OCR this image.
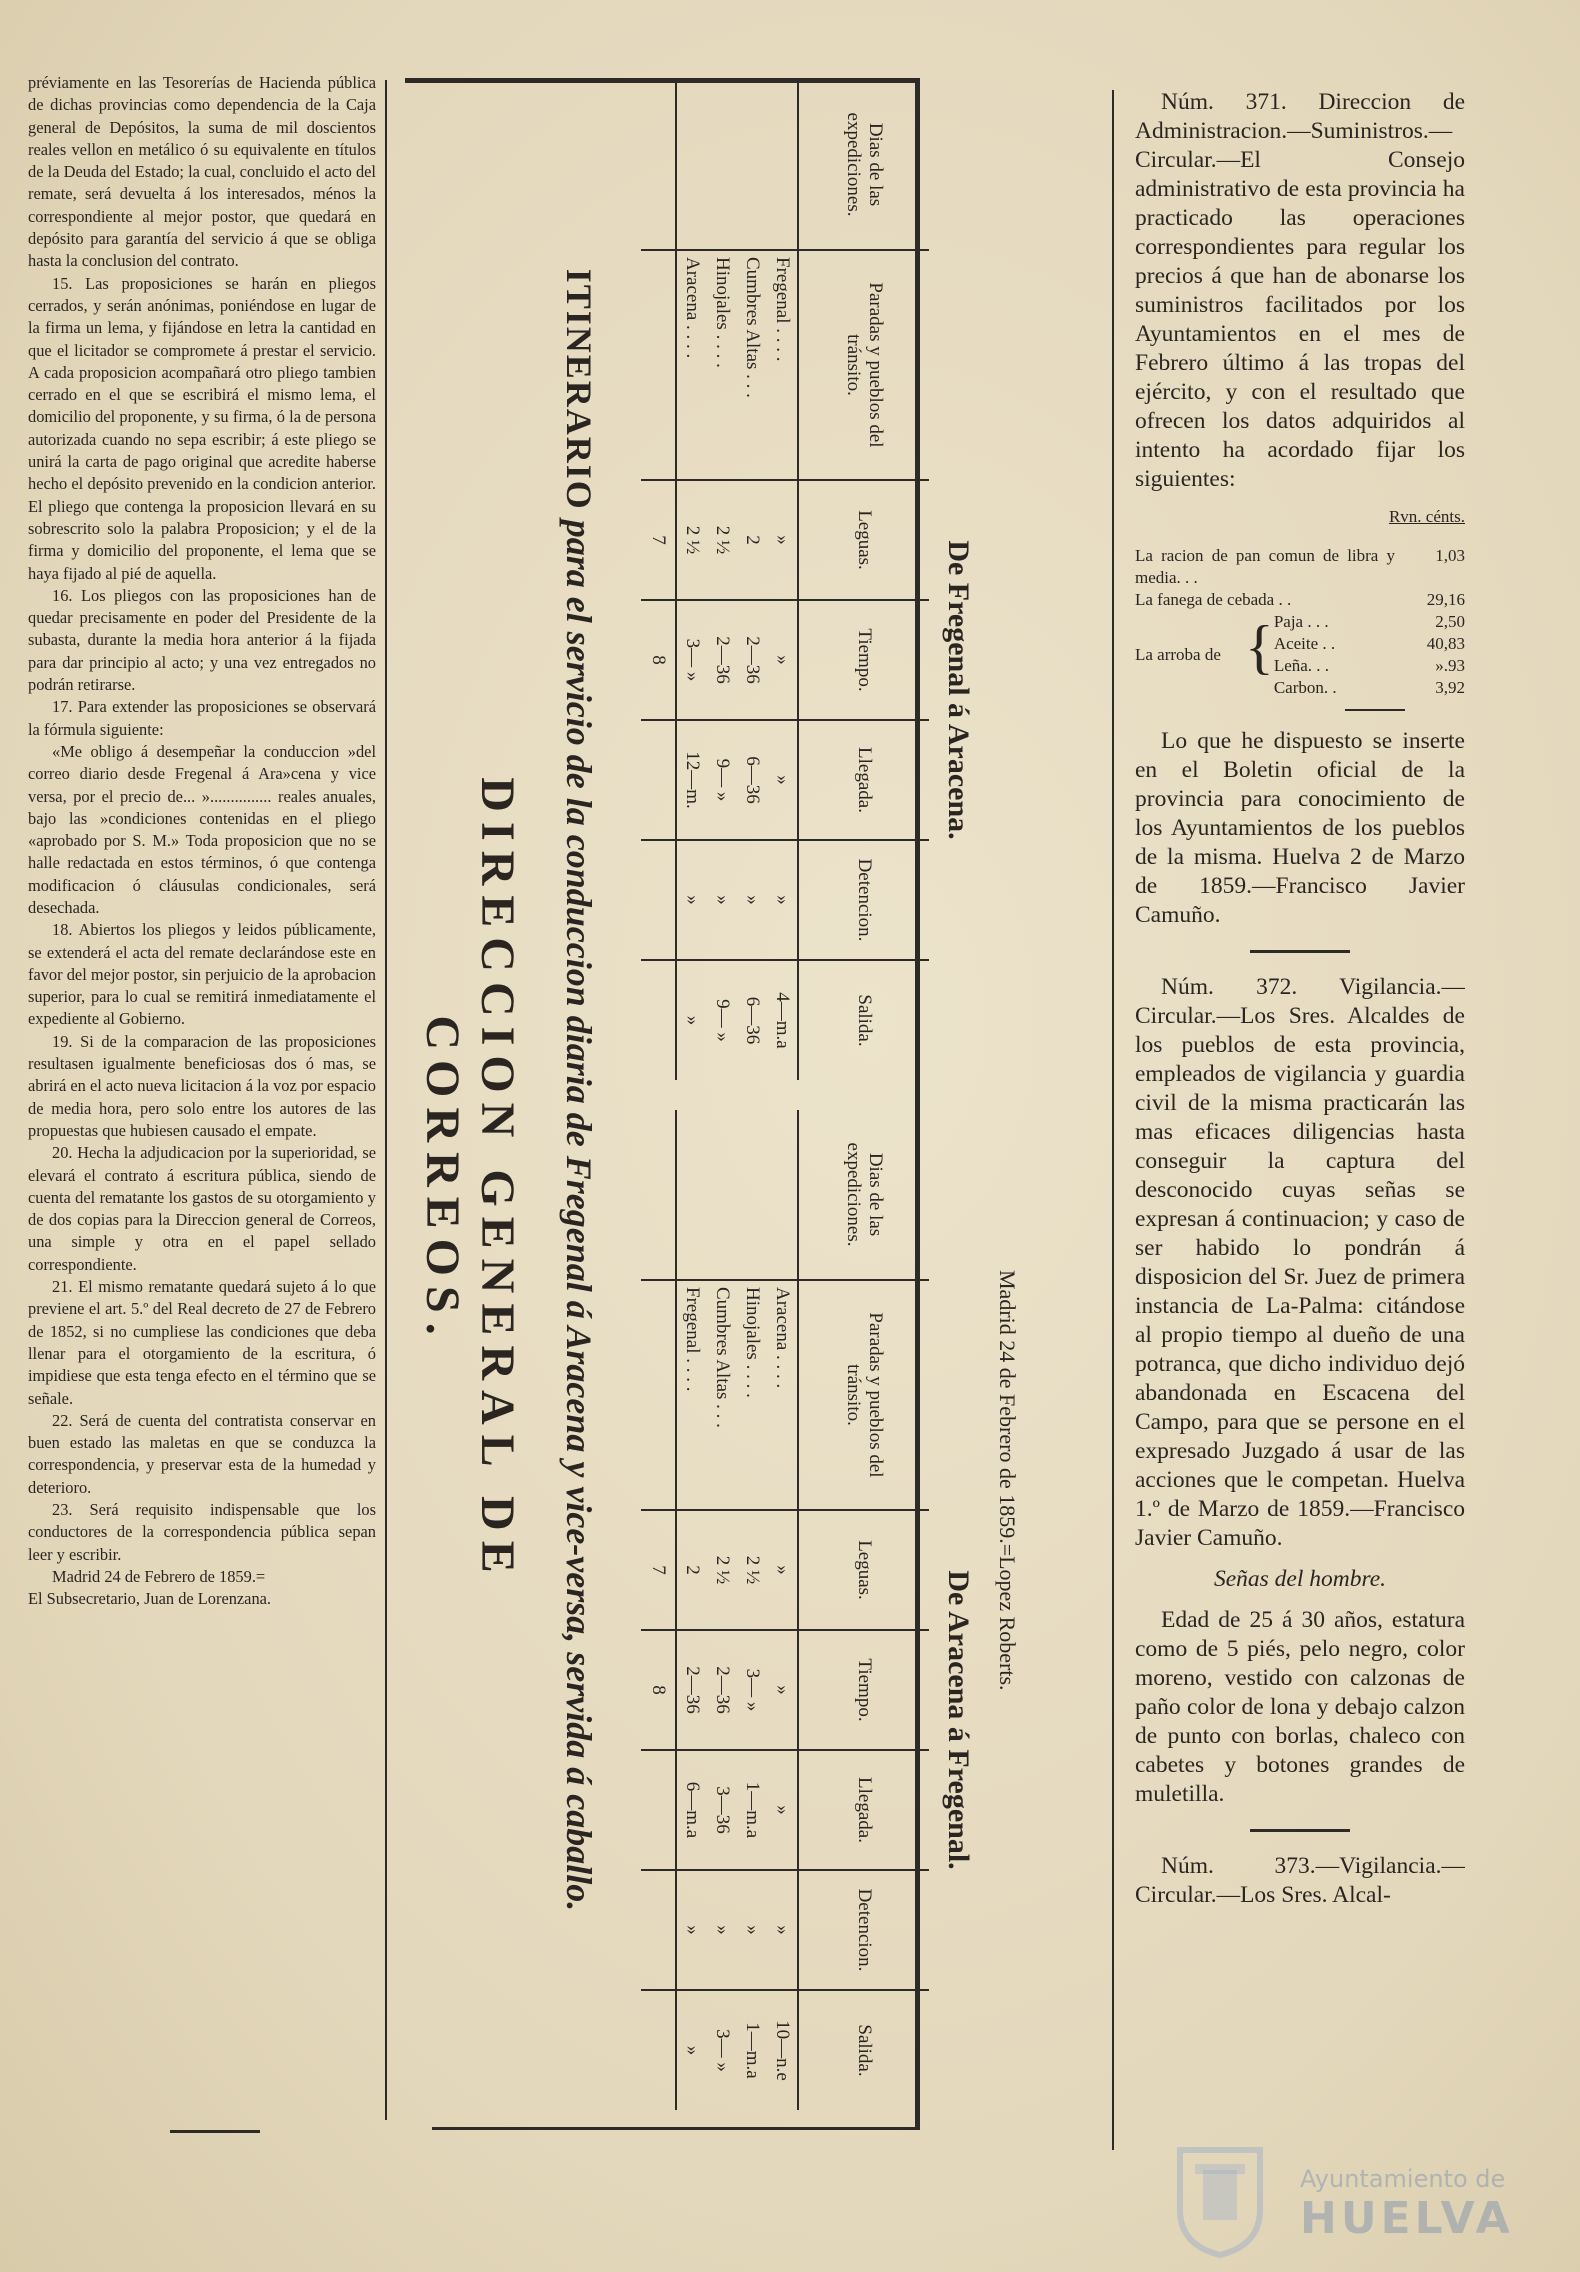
préviamente en las Tesorerías de Hacienda pública de dichas provincias como dependencia de la Caja general de Depósitos, la suma de mil doscientos reales vellon en metálico ó su equivalente en títulos de la Deuda del Estado; la cual, concluido el acto del remate, será devuelta á los interesados, ménos la correspondiente al mejor postor, que quedará en depósito para garantía del servicio á que se obliga hasta la conclusion del contrato.

15. Las proposiciones se harán en pliegos cerrados, y serán anónimas, poniéndose en lugar de la firma un lema, y fijándose en letra la cantidad en que el licitador se compromete á prestar el servicio. A cada proposicion acompañará otro pliego tambien cerrado en el que se escribirá el mismo lema, el domicilio del proponente, y su firma, ó la de persona autorizada cuando no sepa escribir; á este pliego se unirá la carta de pago original que acredite haberse hecho el depósito prevenido en la condicion anterior. El pliego que contenga la proposicion llevará en su sobrescrito solo la palabra Proposicion; y el de la firma y domicilio del proponente, el lema que se haya fijado al pié de aquella.

16. Los pliegos con las proposiciones han de quedar precisamente en poder del Presidente de la subasta, durante la media hora anterior á la fijada para dar principio al acto; y una vez entregados no podrán retirarse.

17. Para extender las proposiciones se observará la fórmula siguiente:

«Me obligo á desempeñar la conduccion »del correo diario desde Fregenal á Ara»cena y vice versa, por el precio de... »............... reales anuales, bajo las »condiciones contenidas en el pliego «aprobado por S. M.» Toda proposicion que no se halle redactada en estos términos, ó que contenga modificacion ó cláusulas condicionales, será desechada.

18. Abiertos los pliegos y leidos públicamente, se extenderá el acta del remate declarándose este en favor del mejor postor, sin perjuicio de la aprobacion superior, para lo cual se remitirá inmediatamente el expediente al Gobierno.

19. Si de la comparacion de las proposiciones resultasen igualmente beneficiosas dos ó mas, se abrirá en el acto nueva licitacion á la voz por espacio de media hora, pero solo entre los autores de las propuestas que hubiesen causado el empate.

20. Hecha la adjudicacion por la superioridad, se elevará el contrato á escritura pública, siendo de cuenta del rematante los gastos de su otorgamiento y de dos copias para la Direccion general de Correos, una simple y otra en el papel sellado correspondiente.

21. El mismo rematante quedará sujeto á lo que previene el art. 5.º del Real decreto de 27 de Febrero de 1852, si no cumpliese las condiciones que deba llenar para el otorgamiento de la escritura, ó impidiese que esta tenga efecto en el término que se señale.

22. Será de cuenta del contratista conservar en buen estado las maletas en que se conduzca la correspondencia, y preservar esta de la humedad y deterioro.

23. Será requisito indispensable que los conductores de la correspondencia pública sepan leer y escribir.

Madrid 24 de Febrero de 1859.=

El Subsecretario, Juan de Lorenzana.	Madrid 24 de Febrero de 1859.=Lopez Roberts.
De Fregenal á Aracena.
Dias de las expediciones.	Paradas y pueblos del tránsito.	Leguas.	Tiempo.	Llegada.	Detencion.	Salida.
	Fregenal . . . .	»	»	»	»	4—m.a
	Cumbres Altas . . .	2	2—36	6—36	»	6—36
	Hinojales . . . .	2 ½	2—36	9— »	»	9— »
	Aracena . . . .	2 ½	3— »	12—m.	»	»
		7	8			
De Aracena á Fregenal.
Dias de las expediciones.	Paradas y pueblos del tránsito.	Leguas.	Tiempo.	Llegada.	Detencion.	Salida.
	Aracena . . . .	»	»	»	»	10—n.e
	Hinojales . . . .	2 ½	3— »	1—m.a	»	1—m.a
	Cumbres Altas . . .	2 ½	2—36	3—36	»	3— »
	Fregenal . . . .	2	2—36	6—m.a	»	»
		7	8			
ITINERARIO para el servicio de la conduccion diaria de Fregenal á Aracena y vice-versa, servida á caballo.
DIRECCION GENERAL DE CORREOS.

Núm. 371. Direccion de Administracion.—Suministros.—Circular.—El Consejo administrativo de esta provincia ha practicado las operaciones correspondientes para regular los precios á que han de abonarse los suministros facilitados por los Ayuntamientos en el mes de Febrero último á las tropas del ejército, y con el resultado que ofrecen los datos adquiridos al intento ha acordado fijar los siguientes:

Rvn. cénts.
La racion de pan comun de libra y media. . .			1,03
La fanega de cebada . .			29,16
La arroba de	{	Paja . . .	2,50
		Aceite . .	40,83
		Leña. . .	».93
		Carbon. .	3,92

Lo que he dispuesto se inserte en el Boletin oficial de la provincia para conocimiento de los Ayuntamientos de los pueblos de la misma. Huelva 2 de Marzo de 1859.—Francisco Javier Camuño.

Núm. 372. Vigilancia.—Circular.—Los Sres. Alcaldes de los pueblos de esta provincia, empleados de vigilancia y guardia civil de la misma practicarán las mas eficaces diligencias hasta conseguir la captura del desconocido cuyas señas se expresan á continuacion; y caso de ser habido lo pondrán á disposicion del Sr. Juez de primera instancia de La-Palma: citándose al propio tiempo al dueño de una potranca, que dicho individuo dejó abandonada en Escacena del Campo, para que se persone en el expresado Juzgado á usar de las acciones que le competan. Huelva 1.º de Marzo de 1859.—Francisco Javier Camuño.

Señas del hombre.

Edad de 25 á 30 años, estatura como de 5 piés, pelo negro, color moreno, vestido con calzonas de paño color de lona y debajo calzon de punto con borlas, chaleco con cabetes y botones grandes de muletilla.

Núm. 373.—Vigilancia.—Circular.—Los Sres. Alcal-

Ayuntamiento de
HUELVA
